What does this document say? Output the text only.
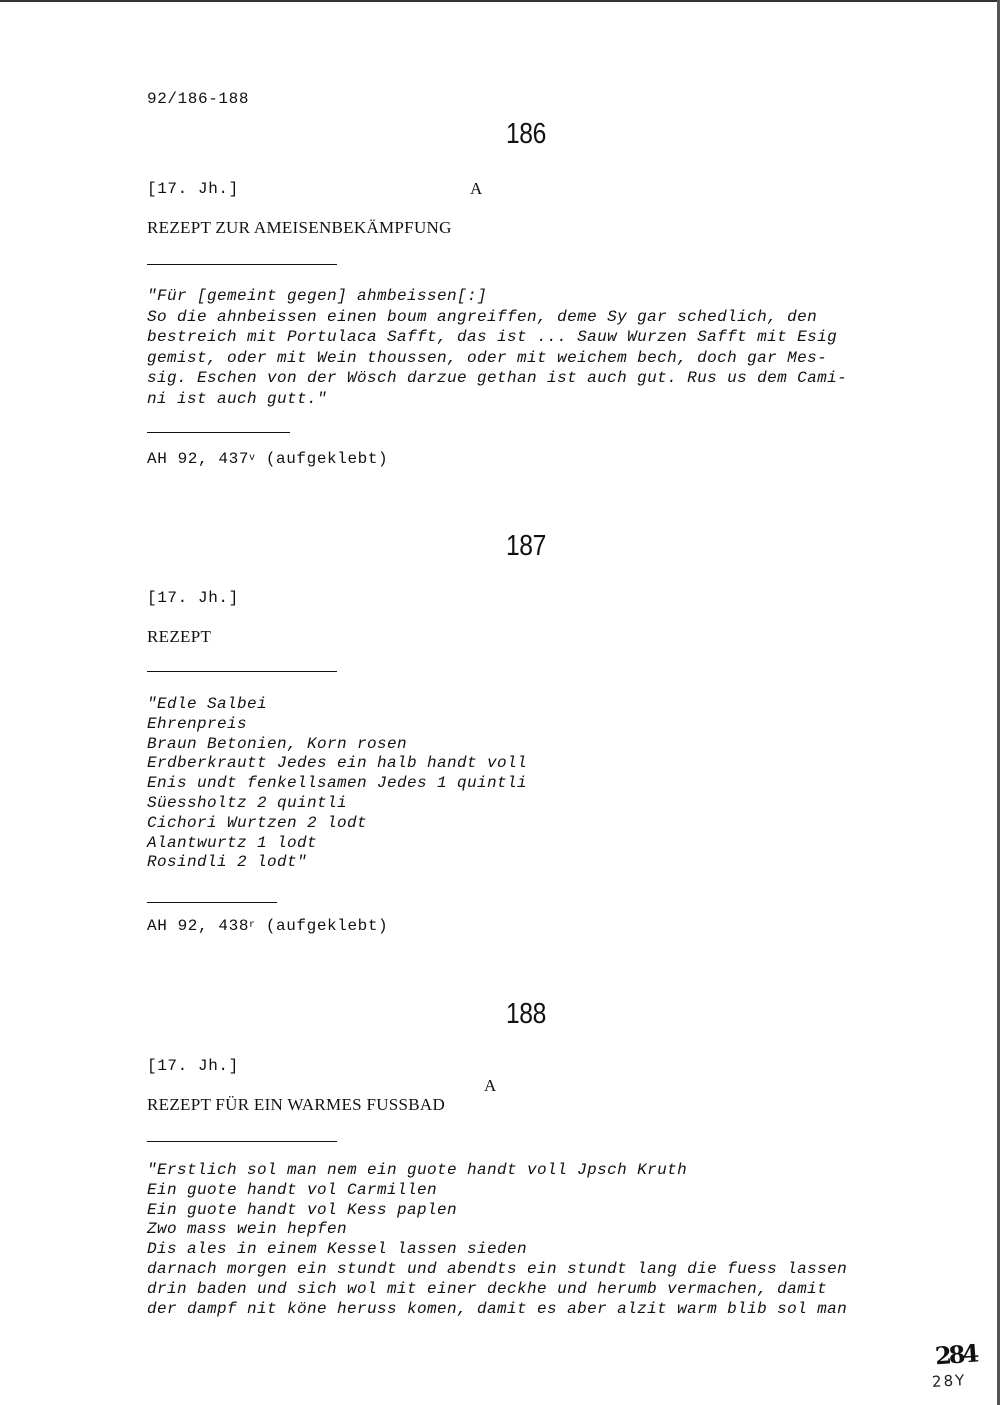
92/186-188
186
[17. Jh.]	A
REZEPT ZUR AMEISENBEKÄMPFUNG
"Für [gemeint gegen] ahmbeissen[:]
So die ahnbeissen einen boum angreiffen, deme Sy gar schedlich, den
bestreich mit Portulaca Safft, das ist ... Sauw Wurzen Safft mit Esig
gemist, oder mit Wein thoussen, oder mit weichem bech, doch gar Mes-
sig. Eschen von der Wösch darzue gethan ist auch gut. Rus us dem Cami-
ni ist auch gutt."
AH 92, 437$^v$ (aufgeklebt)
187
[17. Jh.]
REZEPT
"Edle Salbei
Ehrenpreis
Braun Betonien, Korn rosen
Erdberkrautt Jedes ein halb handt voll
Enis undt fenkellsamen Jedes 1 quintli
Süessholtz 2 quintli
Cichori Wurtzen 2 lodt
Alantwurtz 1 lodt
Rosindli 2 lodt"
AH 92, 438$^r$ (aufgeklebt)
188
[17. Jh.]
A
REZEPT FÜR EIN WARMES FUSSBAD
"Erstlich sol man nem ein guote handt voll Jpsch Kruth
Ein guote handt vol Carmillen
Ein guote handt vol Kess paplen
Zwo mass wein hepfen
Dis ales in einem Kessel lassen sieden
darnach morgen ein stundt und abendts ein stundt lang die fuess lassen
drin baden und sich wol mit einer deckhe und herumb vermachen, damit
der dampf nit köne heruss komen, damit es aber alzit warm blib sol man
284
28Y
